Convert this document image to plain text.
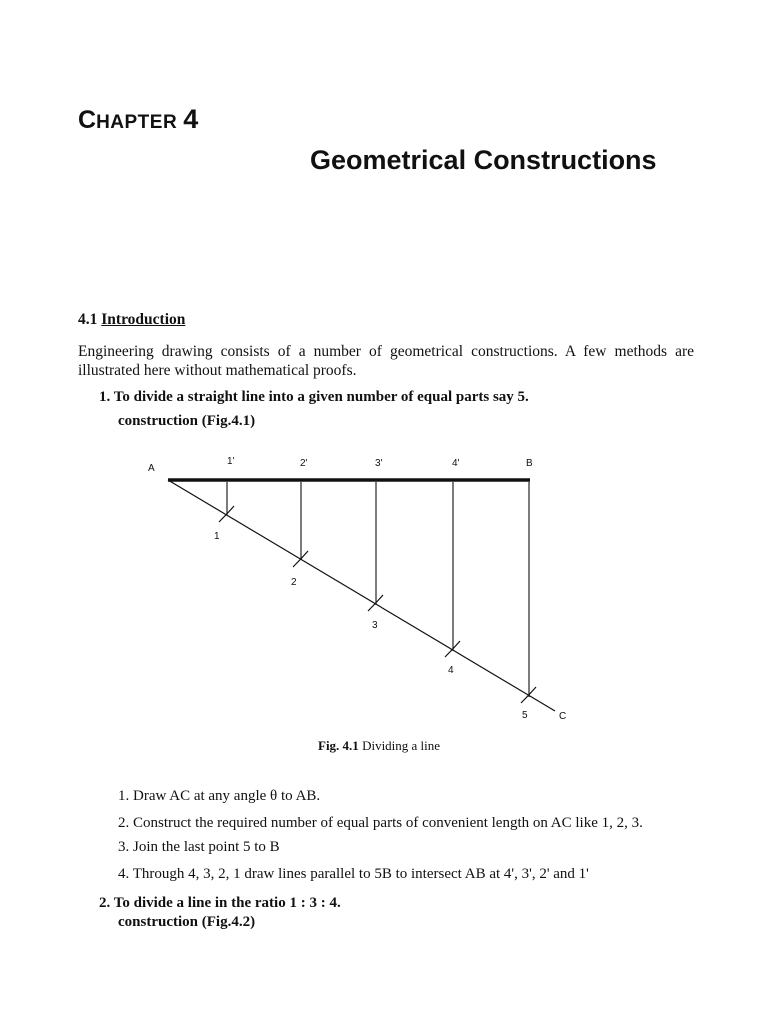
CHAPTER 4
Geometrical Constructions
4.1 Introduction
Engineering drawing consists of a number of geometrical constructions. A few methods are illustrated here without mathematical proofs.
1. To divide a straight line into a given number of equal parts say 5.
construction (Fig.4.1)
A	B
C
1'	2'	3'	4'
1
2
3
4
5
Fig. 4.1 Dividing a line
1. Draw AC at any angle θ to AB.
2. Construct the required number of equal parts of convenient length on AC like 1, 2, 3.
3. Join the last point 5 to B
4. Through 4, 3, 2, 1 draw lines parallel to 5B to intersect AB at 4', 3', 2' and 1'
2. To divide a line in the ratio 1 : 3 : 4.
construction (Fig.4.2)
